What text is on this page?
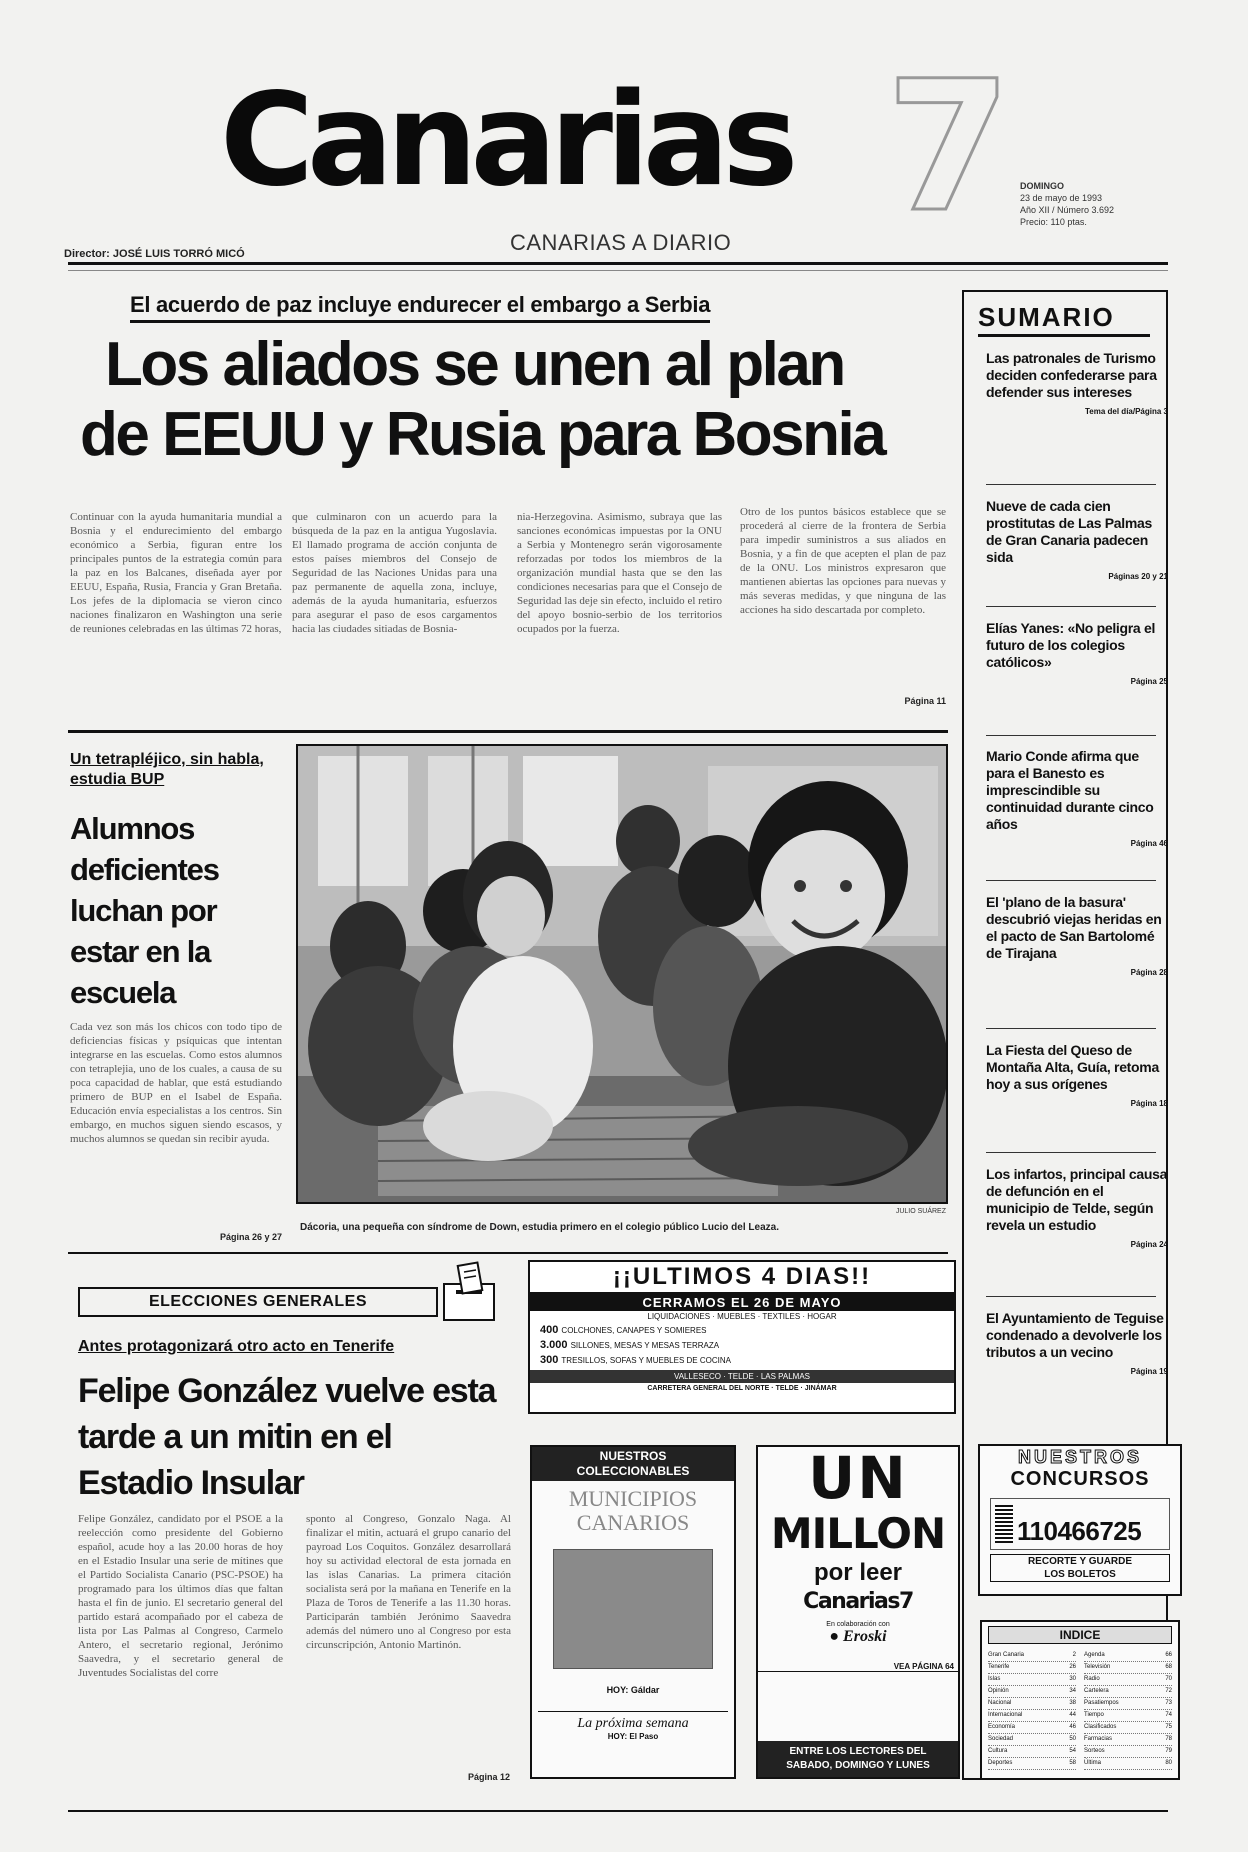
Canarias 7
CANARIAS A DIARIO
Director: JOSÉ LUIS TORRÓ MICÓ
DOMINGO
23 de mayo de 1993
Año XII / Número 3.692
Precio: 110 ptas.
El acuerdo de paz incluye endurecer el embargo a Serbia
Los aliados se unen al plan
de EEUU y Rusia para Bosnia
Continuar con la ayuda humanitaria mundial a Bosnia y el endurecimiento del embargo económico a Serbia, figuran entre los principales puntos de la estrategia común para la paz en los Balcanes, diseñada ayer por EEUU, España, Rusia, Francia y Gran Bretaña. Los jefes de la diplomacia se vieron cinco naciones finalizaron en Washington una serie de reuniones celebradas en las últimas 72 horas,
que culminaron con un acuerdo para la búsqueda de la paz en la antigua Yugoslavia. El llamado programa de acción conjunta de estos países miembros del Consejo de Seguridad de las Naciones Unidas para una paz permanente de aquella zona, incluye, además de la ayuda humanitaria, esfuerzos para asegurar el paso de esos cargamentos hacia las ciudades sitiadas de Bosnia-
nia-Herzegovina. Asimismo, subraya que las sanciones económicas impuestas por la ONU a Serbia y Montenegro serán vigorosamente reforzadas por todos los miembros de la organización mundial hasta que se den las condiciones necesarias para que el Consejo de Seguridad las deje sin efecto, incluido el retiro del apoyo bosnio-serbio de los territorios ocupados por la fuerza.
Otro de los puntos básicos establece que se procederá al cierre de la frontera de Serbia para impedir suministros a sus aliados en Bosnia, y a fin de que acepten el plan de paz de la ONU. Los ministros expresaron que mantienen abiertas las opciones para nuevas y más severas medidas, y que ninguna de las acciones ha sido descartada por completo.
Página 11
Un tetrapléjico, sin habla, estudia BUP
Alumnos deficientes luchan por estar en la escuela
Cada vez son más los chicos con todo tipo de deficiencias físicas y psíquicas que intentan integrarse en las escuelas. Como estos alumnos con tetraplejia, uno de los cuales, a causa de su poca capacidad de hablar, que está estudiando primero de BUP en el Isabel de España. Educación envía especialistas a los centros. Sin embargo, en muchos siguen siendo escasos, y muchos alumnos se quedan sin recibir ayuda.
Página 26 y 27
JULIO SUÁREZ
Dácoria, una pequeña con síndrome de Down, estudia primero en el colegio público Lucio del Leaza.
ELECCIONES GENERALES
Antes protagonizará otro acto en Tenerife
Felipe González vuelve esta tarde a un mitin en el Estadio Insular
Felipe González, candidato por el PSOE a la reelección como presidente del Gobierno español, acude hoy a las 20.00 horas de hoy en el Estadio Insular una serie de mítines que el Partido Socialista Canario (PSC-PSOE) ha programado para los últimos días que faltan hasta el fin de junio. El secretario general del partido estará acompañado por el cabeza de lista por Las Palmas al Congreso, Carmelo Antero, el secretario regional, Jerónimo Saavedra, y el secretario general de Juventudes Socialistas del corre
sponto al Congreso, Gonzalo Naga. Al finalizar el mitin, actuará el grupo canario del payroad Los Coquitos. González desarrollará hoy su actividad electoral de esta jornada en las islas Canarias. La primera citación socialista será por la mañana en Tenerife en la Plaza de Toros de Tenerife a las 11.30 horas. Participarán también Jerónimo Saavedra además del número uno al Congreso por esta circunscripción, Antonio Martinón.
Página 12
¡¡ULTIMOS 4 DIAS!!
CERRAMOS EL 26 DE MAYO
LIQUIDACIONES · MUEBLES · TEXTILES · HOGAR
400 COLCHONES, CANAPES Y SOMIERES
3.000 SILLONES, MESAS Y MESAS TERRAZA
300 TRESILLOS, SOFAS Y MUEBLES DE COCINA
VALLESECO · TELDE · LAS PALMAS
CARRETERA GENERAL DEL NORTE · TELDE · JINÁMAR
NUESTROS
COLECCIONABLES
MUNICIPIOS
CANARIOS
HOY: Gáldar
La próxima semana
HOY: El Paso
UN
MILLON
por leer
Canarias7
En colaboración con
● Eroski
VEA PÁGINA 64
ENTRE LOS LECTORES DEL SABADO, DOMINGO Y LUNES
SUMARIO
Las patronales de Turismo deciden confederarse para defender sus intereses
Tema del día/Página 3
Nueve de cada cien prostitutas de Las Palmas de Gran Canaria padecen sida
Páginas 20 y 21
Elías Yanes: «No peligra el futuro de los colegios católicos»
Página 25
Mario Conde afirma que para el Banesto es imprescindible su continuidad durante cinco años
Página 46
El 'plano de la basura' descubrió viejas heridas en el pacto de San Bartolomé de Tirajana
Página 28
La Fiesta del Queso de Montaña Alta, Guía, retoma hoy a sus orígenes
Página 18
Los infartos, principal causa de defunción en el municipio de Telde, según revela un estudio
Página 24
El Ayuntamiento de Teguise condenado a devolverle los tributos a un vecino
Página 19
NUESTROS
CONCURSOS
110466725
RECORTE Y GUARDE
LOS BOLETOS
INDICE
Gran Canaria	2
Tenerife	26
Islas	30
Opinión	34
Nacional	38
Internacional	44
Economía	46
Sociedad	50
Cultura	54
Deportes	58
Agenda	66
Televisión	68
Radio	70
Cartelera	72
Pasatiempos	73
Tiempo	74
Clasificados	75
Farmacias	78
Sorteos	79
Última	80
